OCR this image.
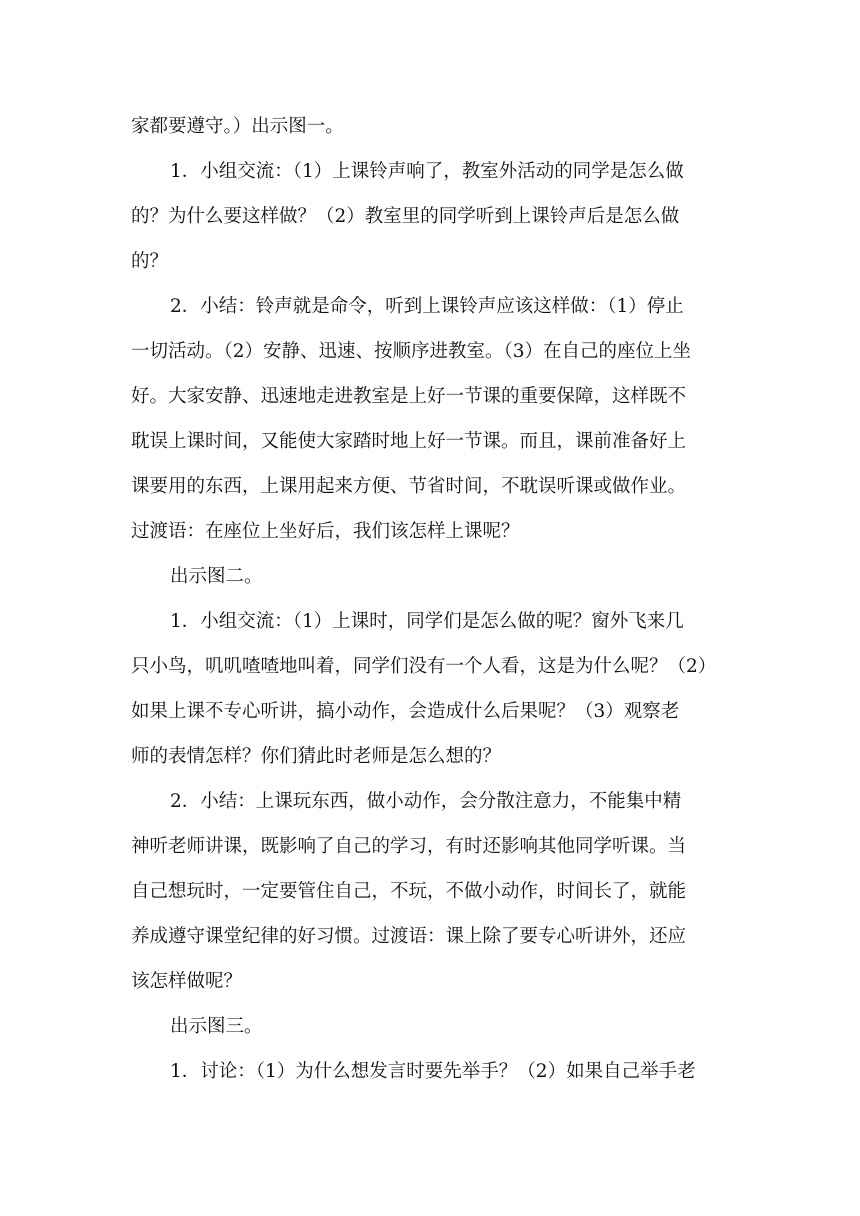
家都要遵守。）出示图一。
1．小组交流：（1）上课铃声响了，教室外活动的同学是怎么做
的？为什么要这样做？（2）教室里的同学听到上课铃声后是怎么做
的？
2．小结：铃声就是命令，听到上课铃声应该这样做：（1）停止
一切活动。（2）安静、迅速、按顺序进教室。（3）在自己的座位上坐
好。大家安静、迅速地走进教室是上好一节课的重要保障，这样既不
耽误上课时间，又能使大家踏时地上好一节课。而且，课前准备好上
课要用的东西，上课用起来方便、节省时间，不耽误听课或做作业。
过渡语：在座位上坐好后，我们该怎样上课呢？
出示图二。
1．小组交流：（1）上课时，同学们是怎么做的呢？窗外飞来几
只小鸟，叽叽喳喳地叫着，同学们没有一个人看，这是为什么呢？（2）
如果上课不专心听讲，搞小动作，会造成什么后果呢？（3）观察老
师的表情怎样？你们猜此时老师是怎么想的？
2．小结：上课玩东西，做小动作，会分散注意力，不能集中精
神听老师讲课，既影响了自己的学习，有时还影响其他同学听课。当
自己想玩时，一定要管住自己，不玩，不做小动作，时间长了，就能
养成遵守课堂纪律的好习惯。过渡语：课上除了要专心听讲外，还应
该怎样做呢？
出示图三。
1．讨论：（1）为什么想发言时要先举手？（2）如果自己举手老
